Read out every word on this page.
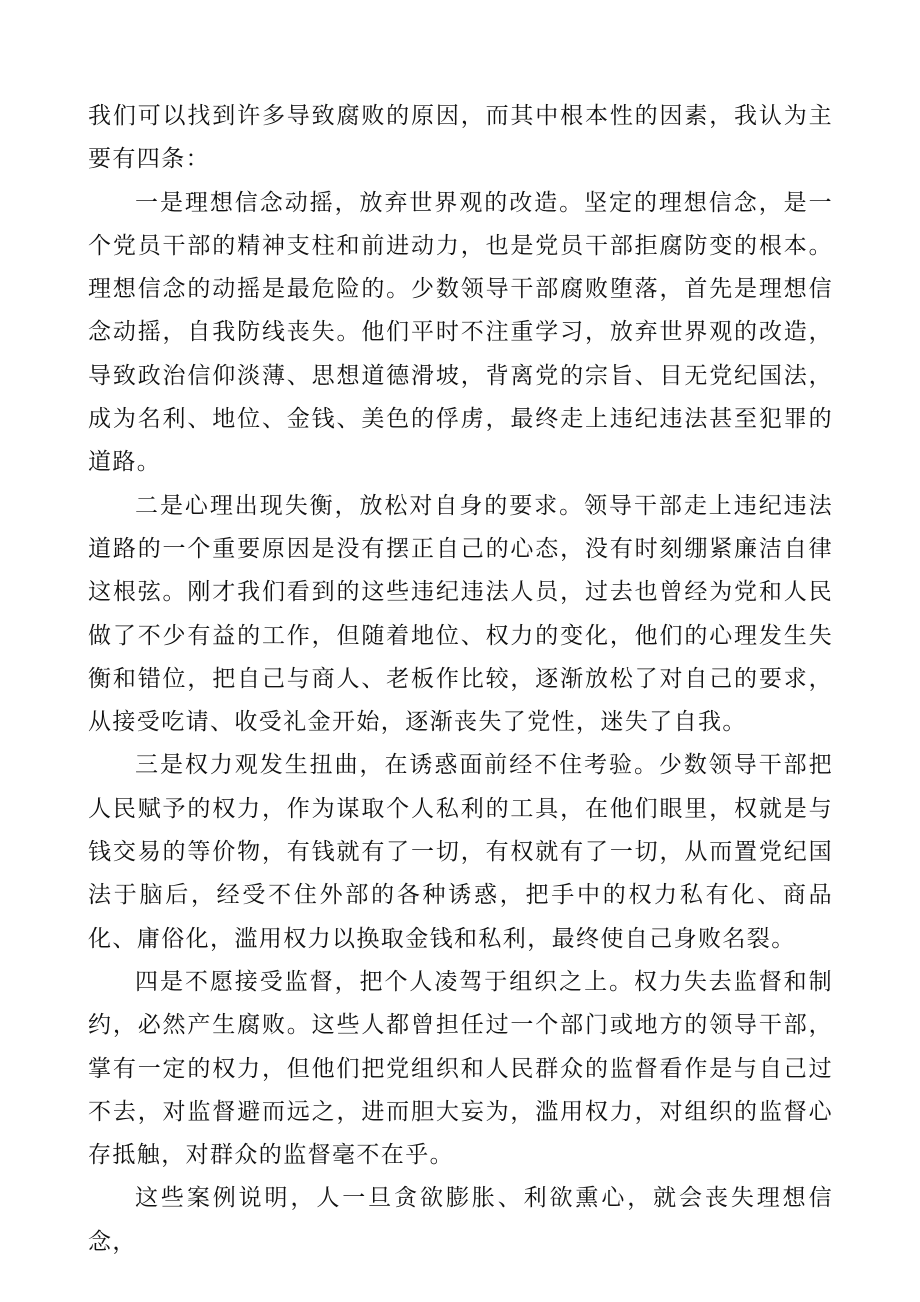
我们可以找到许多导致腐败的原因，而其中根本性的因素，我认为主要有四条：

一是理想信念动摇，放弃世界观的改造。坚定的理想信念，是一个党员干部的精神支柱和前进动力，也是党员干部拒腐防变的根本。理想信念的动摇是最危险的。少数领导干部腐败堕落，首先是理想信念动摇，自我防线丧失。他们平时不注重学习，放弃世界观的改造，导致政治信仰淡薄、思想道德滑坡，背离党的宗旨、目无党纪国法，成为名利、地位、金钱、美色的俘虏，最终走上违纪违法甚至犯罪的道路。

二是心理出现失衡，放松对自身的要求。领导干部走上违纪违法道路的一个重要原因是没有摆正自己的心态，没有时刻绷紧廉洁自律这根弦。刚才我们看到的这些违纪违法人员，过去也曾经为党和人民做了不少有益的工作，但随着地位、权力的变化，他们的心理发生失衡和错位，把自己与商人、老板作比较，逐渐放松了对自己的要求，从接受吃请、收受礼金开始，逐渐丧失了党性，迷失了自我。

三是权力观发生扭曲，在诱惑面前经不住考验。少数领导干部把人民赋予的权力，作为谋取个人私利的工具，在他们眼里，权就是与钱交易的等价物，有钱就有了一切，有权就有了一切，从而置党纪国法于脑后，经受不住外部的各种诱惑，把手中的权力私有化、商品化、庸俗化，滥用权力以换取金钱和私利，最终使自己身败名裂。

四是不愿接受监督，把个人凌驾于组织之上。权力失去监督和制约，必然产生腐败。这些人都曾担任过一个部门或地方的领导干部，掌有一定的权力，但他们把党组织和人民群众的监督看作是与自己过不去，对监督避而远之，进而胆大妄为，滥用权力，对组织的监督心存抵触，对群众的监督毫不在乎。

这些案例说明，人一旦贪欲膨胀、利欲熏心，就会丧失理想信念，
